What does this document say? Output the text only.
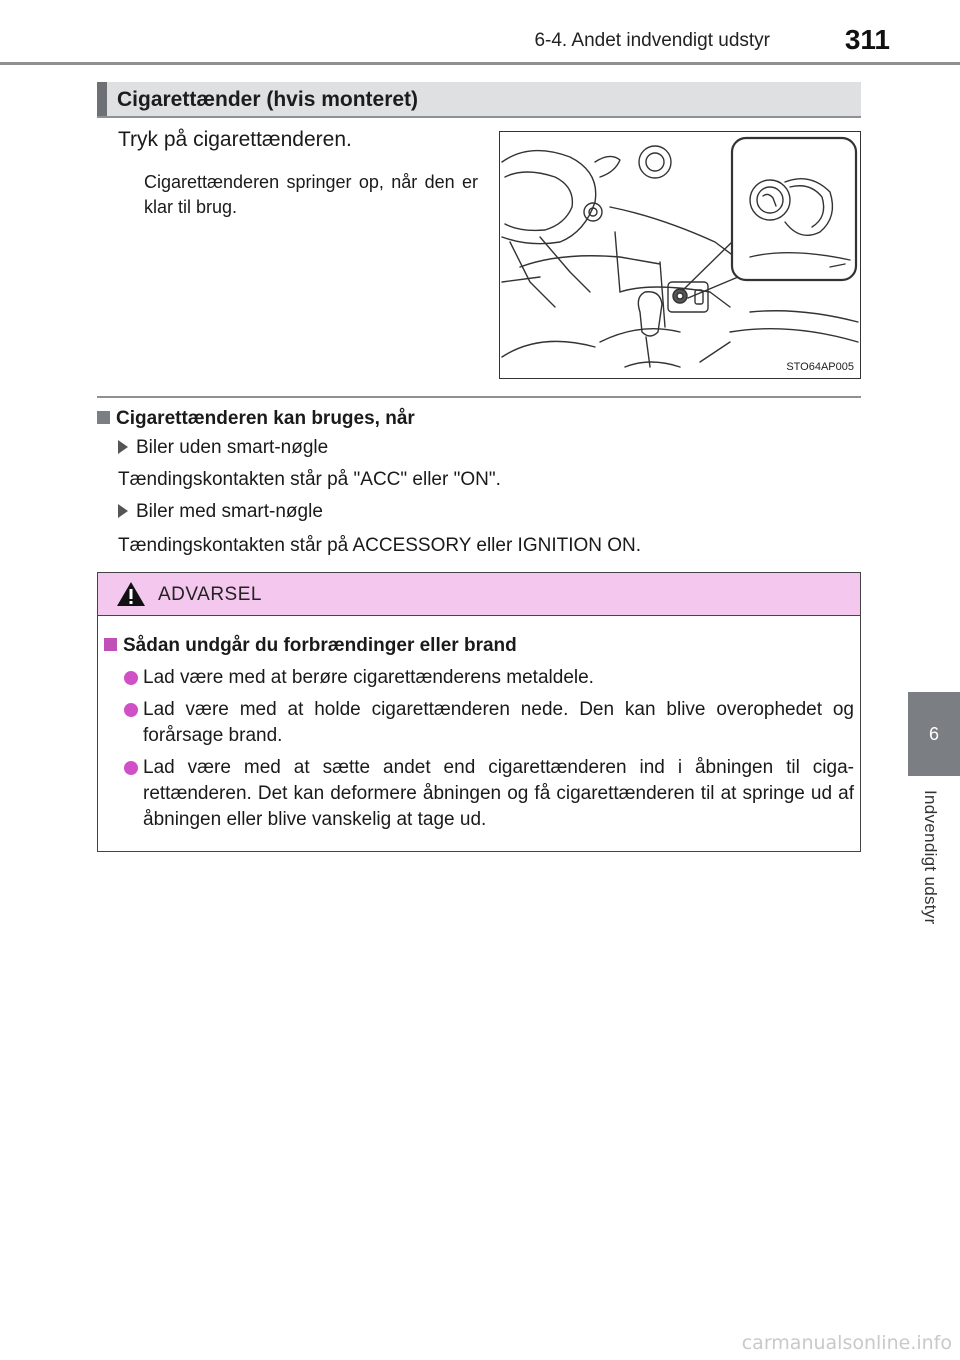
6-4. Andet indvendigt udstyr	311
6
Indvendigt udstyr
Cigarettænder (hvis monteret)

Tryk på cigarettænderen.

Cigarettænderen springer op, når den er klar til brug.

STO64AP005
Cigarettænderen kan bruges, når
Biler uden smart-nøgle
Tændingskontakten står på "ACC" eller "ON".
Biler med smart-nøgle
Tændingskontakten står på ACCESSORY eller IGNITION ON.
ADVARSEL
Sådan undgår du forbrændinger eller brand
Lad være med at berøre cigarettænderens metaldele.
Lad være med at holde cigarettænderen nede. Den kan blive overophedet og forårsage brand.
Lad være med at sætte andet end cigarettænderen ind i åbningen til ciga-rettænderen. Det kan deformere åbningen og få cigarettænderen til at springe ud af åbningen eller blive vanskelig at tage ud.
carmanualsonline.info
